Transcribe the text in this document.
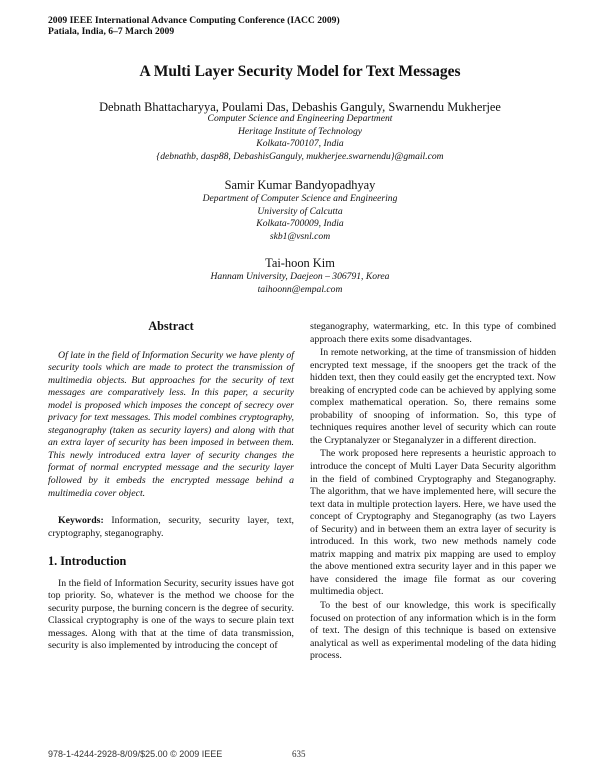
2009 IEEE International Advance Computing Conference (IACC 2009)
Patiala, India, 6–7 March 2009
A Multi Layer Security Model for Text Messages
Debnath Bhattacharyya, Poulami Das, Debashis Ganguly, Swarnendu Mukherjee
Computer Science and Engineering Department
Heritage Institute of Technology
Kolkata-700107, India
{debnathb, dasp88, DebashisGanguly, mukherjee.swarnendu}@gmail.com
Samir Kumar Bandyopadhyay
Department of Computer Science and Engineering
University of Calcutta
Kolkata-700009, India
skb1@vsnl.com
Tai-hoon Kim
Hannam University, Daejeon – 306791, Korea
taihoonn@empal.com
Abstract

Of late in the field of Information Security we have plenty of security tools which are made to protect the transmission of multimedia objects. But approaches for the security of text messages are comparatively less. In this paper, a security model is proposed which imposes the concept of secrecy over privacy for text messages. This model combines cryptography, steganography (taken as security layers) and along with that an extra layer of security has been imposed in between them. This newly introduced extra layer of security changes the format of normal encrypted message and the security layer followed by it embeds the encrypted message behind a multimedia cover object.

Keywords: Information, security, security layer, text, cryptography, steganography.

1. Introduction

In the field of Information Security, security issues have got top priority. So, whatever is the method we choose for the security purpose, the burning concern is the degree of security. Classical cryptography is one of the ways to secure plain text messages. Along with that at the time of data transmission, security is also implemented by introducing the concept of

steganography, watermarking, etc. In this type of combined approach there exits some disadvantages.

In remote networking, at the time of transmission of hidden encrypted text message, if the snoopers get the track of the hidden text, then they could easily get the encrypted text. Now breaking of encrypted code can be achieved by applying some complex mathematical operation. So, there remains some probability of snooping of information. So, this type of techniques requires another level of security which can route the Cryptanalyzer or Steganalyzer in a different direction.

The work proposed here represents a heuristic approach to introduce the concept of Multi Layer Data Security algorithm in the field of combined Cryptography and Steganography. The algorithm, that we have implemented here, will secure the text data in multiple protection layers. Here, we have used the concept of Cryptography and Steganography (as two Layers of Security) and in between them an extra layer of security is introduced. In this work, two new methods namely code matrix mapping and matrix pix mapping are used to employ the above mentioned extra security layer and in this paper we have considered the image file format as our covering multimedia object.

To the best of our knowledge, this work is specifically focused on protection of any information which is in the form of text. The design of this technique is based on extensive analytical as well as experimental modeling of the data hiding process.

978-1-4244-2928-8/09/$25.00 © 2009 IEEE	635
